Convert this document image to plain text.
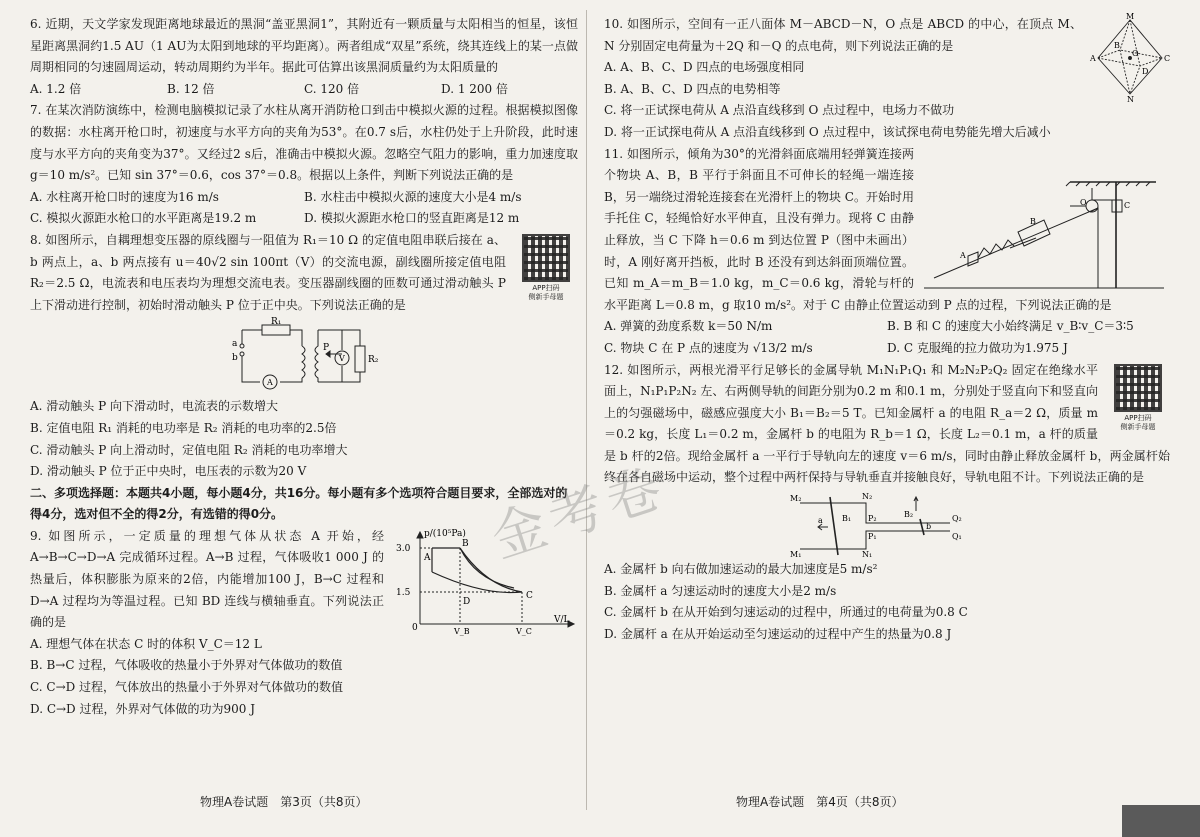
6. 近期，天文学家发现距离地球最近的黑洞“盖亚黑洞1”，其附近有一颗质量与太阳相当的恒星，该恒星距离黑洞约1.5 AU（1 AU为太阳到地球的平均距离）。两者组成“双星”系统，绕其连线上的某一点做周期相同的匀速圆周运动，转动周期约为半年。据此可估算出该黑洞质量约为太阳质量的

A. 1.2 倍	B. 12 倍	C. 120 倍	D. 1 200 倍

7. 在某次消防演练中，检测电脑模拟记录了水柱从离开消防枪口到击中模拟火源的过程。根据模拟图像的数据：水柱离开枪口时，初速度与水平方向的夹角为53°。在0.7 s后，水柱仍处于上升阶段，此时速度与水平方向的夹角变为37°。又经过2 s后，准确击中模拟火源。忽略空气阻力的影响，重力加速度取 g＝10 m/s²。已知 sin 37°＝0.6，cos 37°＝0.8。根据以上条件，判断下列说法正确的是

A. 水柱离开枪口时的速度为16 m/s	B. 水柱击中模拟火源的速度大小是4 m/s
C. 模拟火源距水枪口的水平距离是19.2 m	D. 模拟火源距水枪口的竖直距离是12 m
APP扫码
侧新手母题

8. 如图所示，自耦理想变压器的原线圈与一阻值为 R₁＝10 Ω 的定值电阻串联后接在 a、b 两点上，a、b 两点接有 u＝40√2 sin 100πt（V）的交流电源，副线圈所接定值电阻 R₂＝2.5 Ω，电流表和电压表均为理想交流电表。变压器副线圈的匝数可通过滑动触头 P 上下滑动进行控制，初始时滑动触头 P 位于正中央。下列说法正确的是

R₁
a
b
P
V	R₂
A

A. 滑动触头 P 向下滑动时，电流表的示数增大

B. 定值电阻 R₁ 消耗的电功率是 R₂ 消耗的电功率的2.5倍

C. 滑动触头 P 向上滑动时，定值电阻 R₂ 消耗的电功率增大

D. 滑动触头 P 位于正中央时，电压表的示数为20 V

二、多项选择题：本题共4小题，每小题4分，共16分。每小题有多个选项符合题目要求，全部选对的得4分，选对但不全的得2分，有选错的得0分。

p/(10⁵Pa)
V/L
3.0
1.5
0	V_B	V_C
A
B
C
D

9. 如图所示，一定质量的理想气体从状态 A 开始，经 A→B→C→D→A 完成循环过程。A→B 过程，气体吸收1 000 J 的热量后，体积膨胀为原来的2倍，内能增加100 J，B→C 过程和 D→A 过程均为等温过程。已知 BD 连线与横轴垂直。下列说法正确的是

A. 理想气体在状态 C 时的体积 V_C＝12 L

B. B→C 过程，气体吸收的热量小于外界对气体做功的数值

C. C→D 过程，气体放出的热量小于外界对气体做功的数值

D. C→D 过程，外界对气体做的功为900 J

物理A卷试题　第3页（共8页）
M
A
B
O
C
D
N

10. 如图所示，空间有一正八面体 M－ABCD－N，O 点是 ABCD 的中心，在顶点 M、N 分别固定电荷量为＋2Q 和－Q 的点电荷，则下列说法正确的是

A. A、B、C、D 四点的电场强度相同

B. A、B、C、D 四点的电势相等

C. 将一正试探电荷从 A 点沿直线移到 O 点过程中，电场力不做功

D. 将一正试探电荷从 A 点沿直线移到 O 点过程中，该试探电荷电势能先增大后减小

O	C
B
A

11. 如图所示，倾角为30°的光滑斜面底端用轻弹簧连接两个物块 A、B，B 平行于斜面且不可伸长的轻绳一端连接 B，另一端绕过滑轮连接套在光滑杆上的物块 C。开始时用手托住 C，轻绳恰好水平伸直，且没有弹力。现将 C 由静止释放，当 C 下降 h＝0.6 m 到达位置 P（图中未画出）时，A 刚好离开挡板，此时 B 还没有到达斜面顶端位置。已知 m_A＝m_B＝1.0 kg，m_C＝0.6 kg，滑轮与杆的水平距离 L＝0.8 m，g 取10 m/s²。对于 C 由静止位置运动到 P 点的过程，下列说法正确的是

A. 弹簧的劲度系数 k＝50 N/m	B. B 和 C 的速度大小始终满足 v_B∶v_C＝3∶5
C. 物块 C 在 P 点的速度为 √13/2 m/s	D. C 克服绳的拉力做功为1.975 J
APP扫码
侧新手母题

12. 如图所示，两根光滑平行足够长的金属导轨 M₁N₁P₁Q₁ 和 M₂N₂P₂Q₂ 固定在绝缘水平面上，N₁P₁P₂N₂ 左、右两侧导轨的间距分别为0.2 m 和0.1 m，分别处于竖直向下和竖直向上的匀强磁场中，磁感应强度大小 B₁＝B₂＝5 T。已知金属杆 a 的电阻 R_a＝2 Ω，质量 m＝0.2 kg，长度 L₁＝0.2 m，金属杆 b 的电阻为 R_b＝1 Ω，长度 L₂＝0.1 m，a 杆的质量是 b 杆的2倍。现给金属杆 a 一平行于导轨向左的速度 v＝6 m/s，同时由静止释放金属杆 b，两金属杆始终在各自磁场中运动，整个过程中两杆保持与导轨垂直并接触良好，导轨电阻不计。下列说法正确的是

M₂	N₂
B₁
a	P₂	B₂
b
Q₂
P₁
M₁	N₁
Q₁

A. 金属杆 b 向右做加速运动的最大加速度是5 m/s²

B. 金属杆 a 匀速运动时的速度大小是2 m/s

C. 金属杆 b 在从开始到匀速运动的过程中，所通过的电荷量为0.8 C

D. 金属杆 a 在从开始运动至匀速运动的过程中产生的热量为0.8 J

物理A卷试题　第4页（共8页）
金考卷
